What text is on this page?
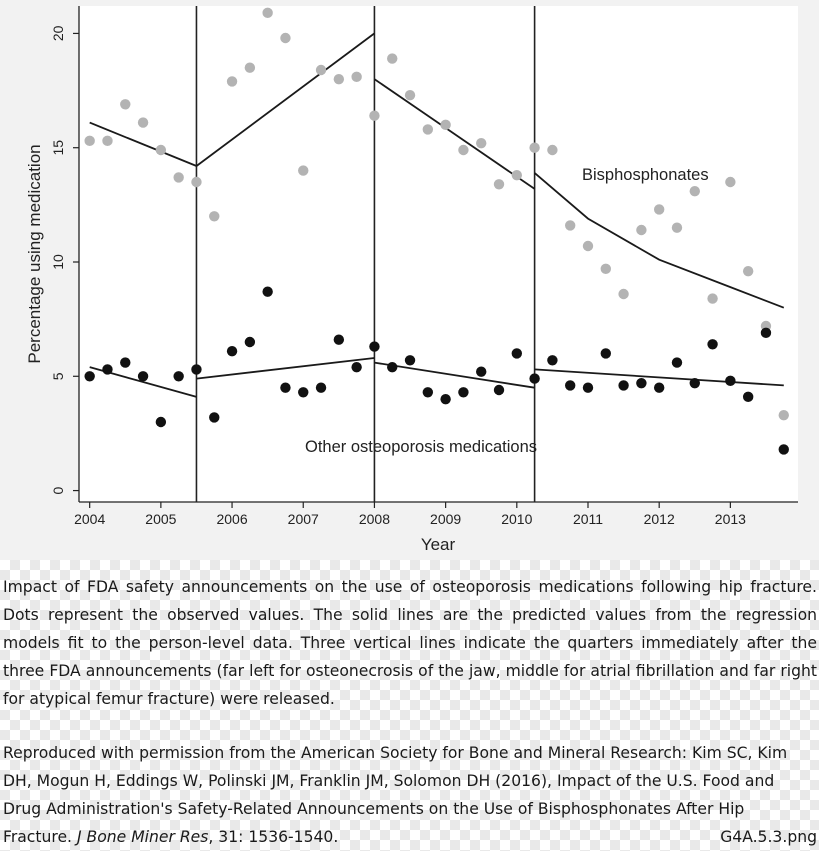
2004	2005	2006	2007	2008	2009	2010	2011	2012	2013
0
5
10
15
20
Bisphosphonates
Other osteoporosis medications
Year
Percentage using medication

Impact of FDA safety announcements on the use of osteoporosis medications following hip fracture. Dots represent the observed values. The solid lines are the predicted values from the regression models fit to the person-level data. Three vertical lines indicate the quarters immediately after the three FDA announcements (far left for osteonecrosis of the jaw, middle for atrial fibrillation and far right for atypical femur fracture) were released.

Reproduced with permission from the American Society for Bone and Mineral Research: Kim SC, Kim DH, Mogun H, Eddings W, Polinski JM, Franklin JM, Solomon DH (2016), Impact of the U.S. Food and Drug Administration's Safety-Related Announcements on the Use of Bisphosphonates After Hip Fracture. J Bone Miner Res, 31: 1536-1540.	G4A.5.3.png
